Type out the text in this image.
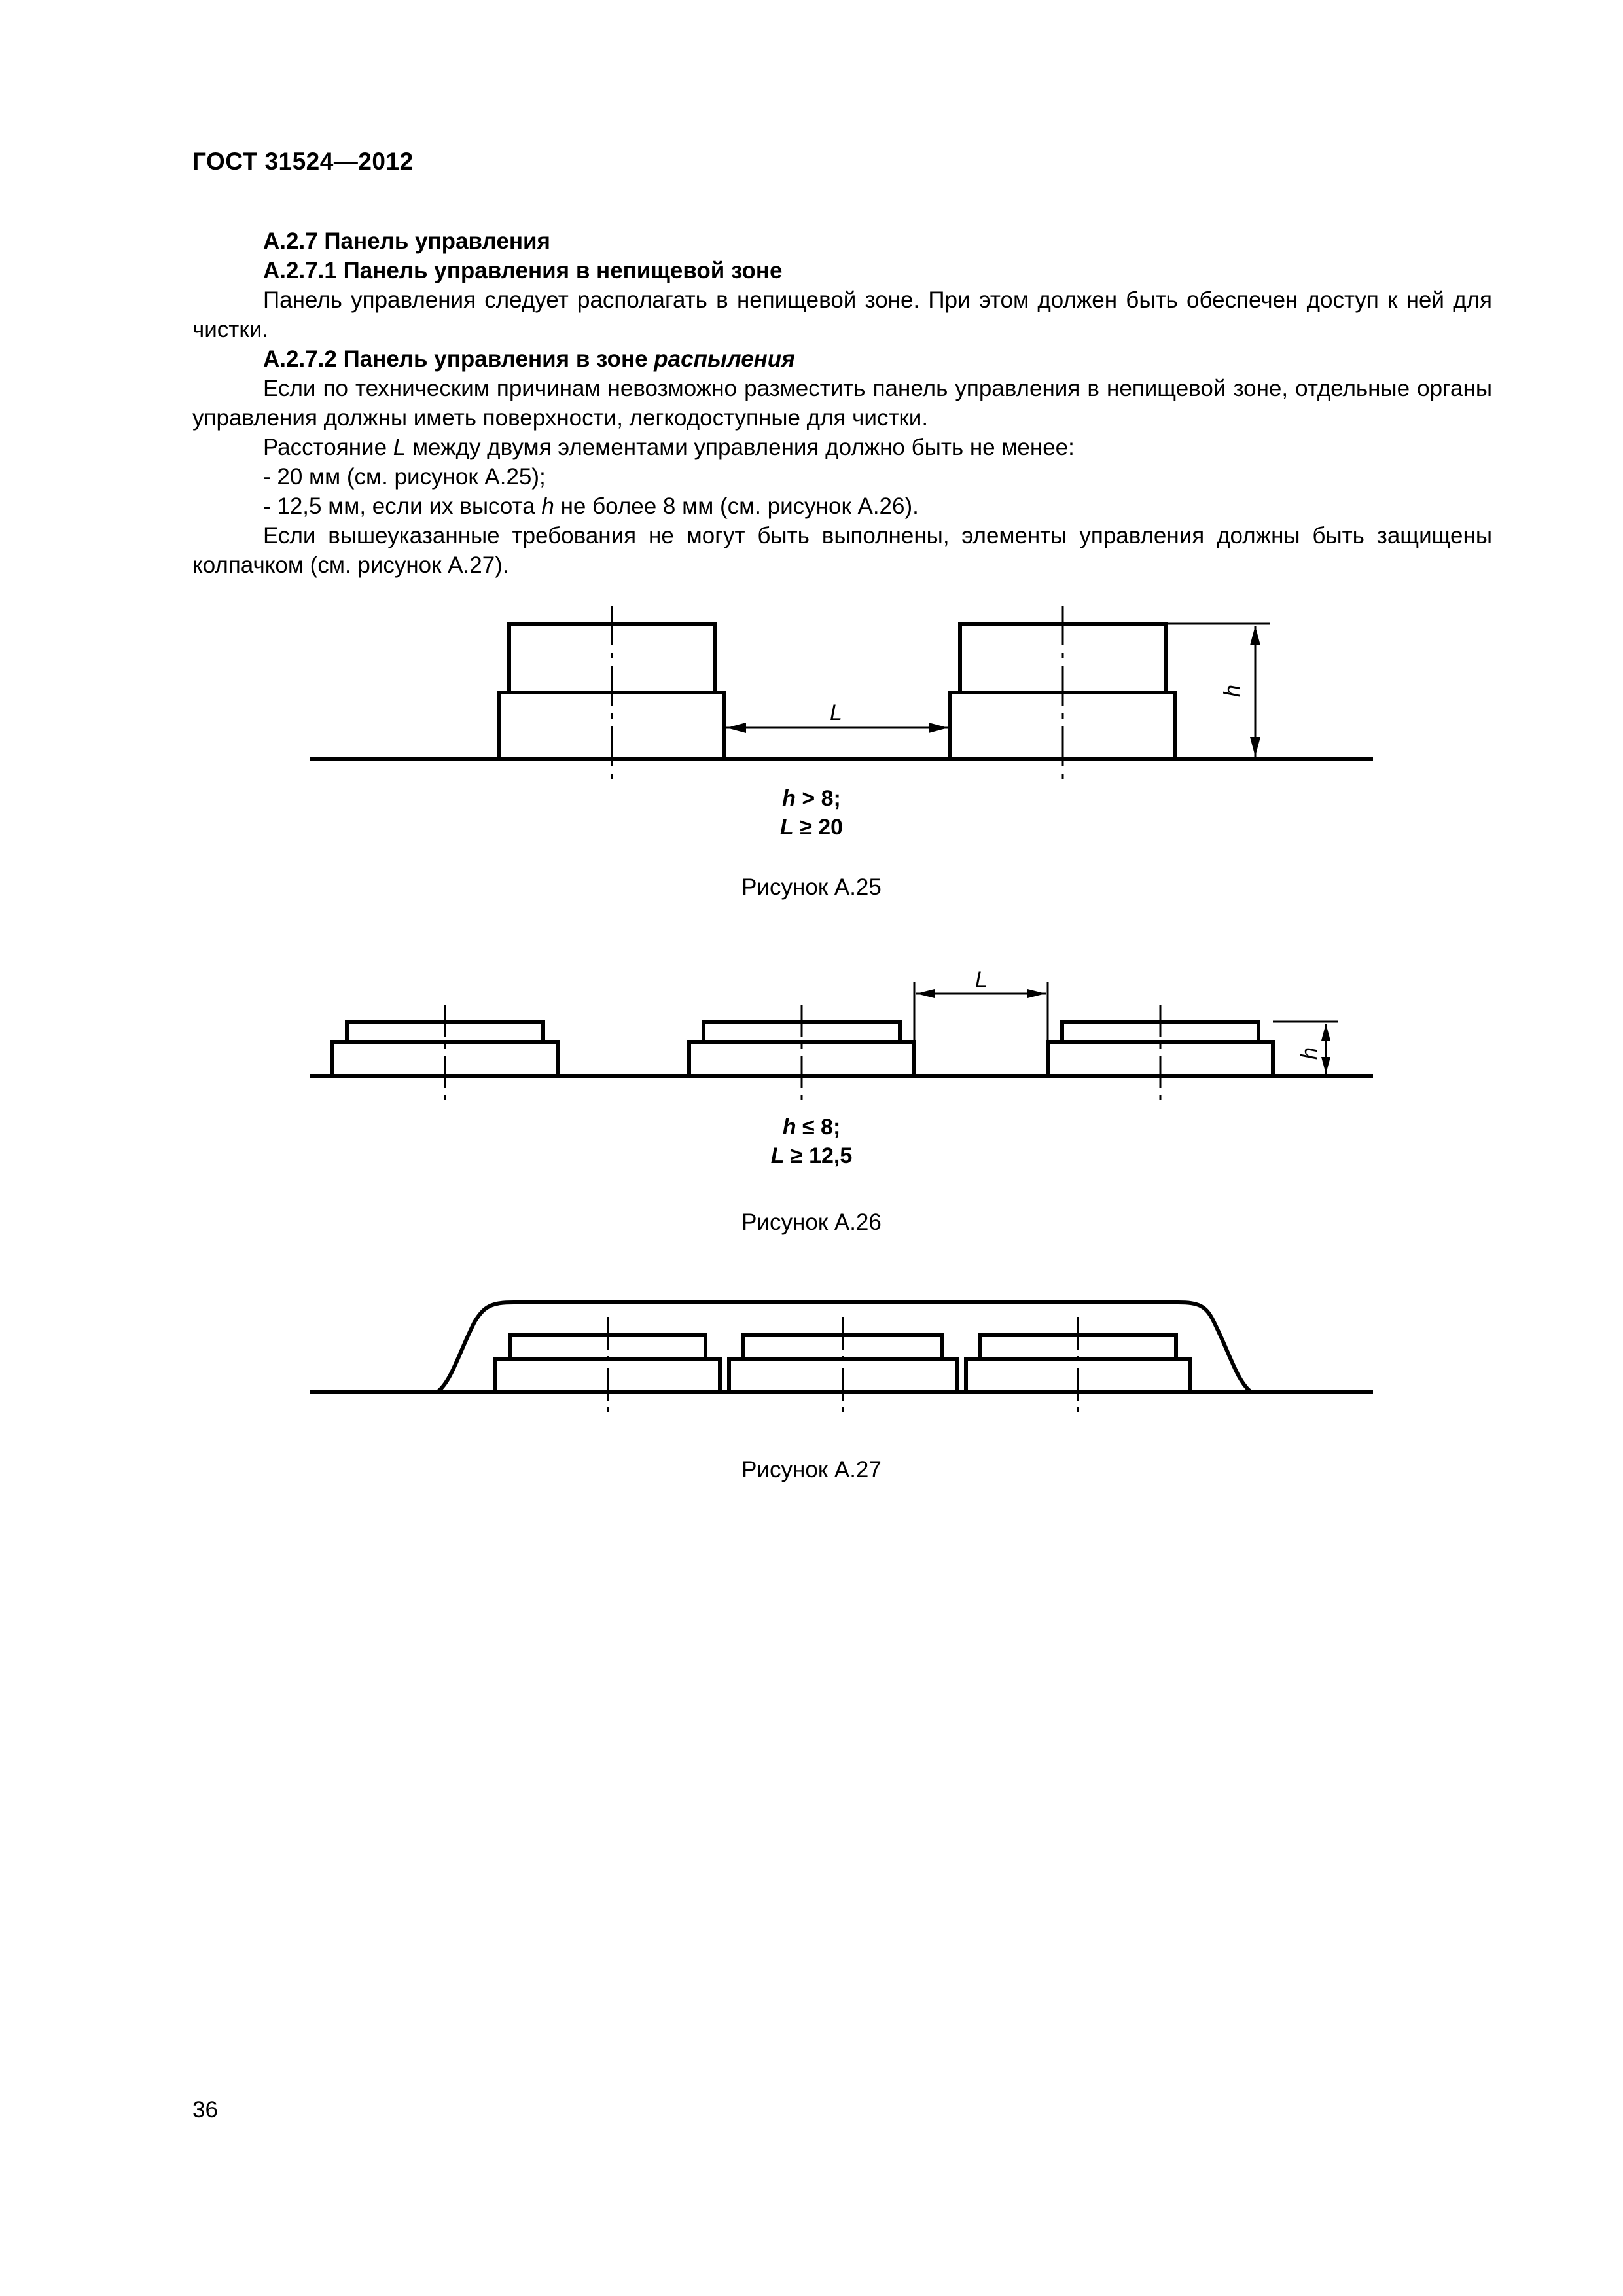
ГОСТ 31524—2012

А.2.7 Панель управления

А.2.7.1 Панель управления в непищевой зоне

Панель управления следует располагать в непищевой зоне. При этом должен быть обеспечен доступ к ней для чистки.

А.2.7.2 Панель управления в зоне распыления

Если по техническим причинам невозможно разместить панель управления в непищевой зоне, отдельные органы управления должны иметь поверхности, легкодоступные для чистки.

Расстояние L между двумя элементами управления должно быть не менее:

- 20 мм (см. рисунок А.25);

- 12,5 мм, если их высота h не более 8 мм (см. рисунок А.26).

Если вышеуказанные требования не могут быть выполнены, элементы управления должны быть защищены колпачком (см. рисунок А.27).

L
h
h > 8;
L ≥ 20
Рисунок А.25
L
h
h ≤ 8;
L ≥ 12,5
Рисунок А.26
Рисунок А.27
36
